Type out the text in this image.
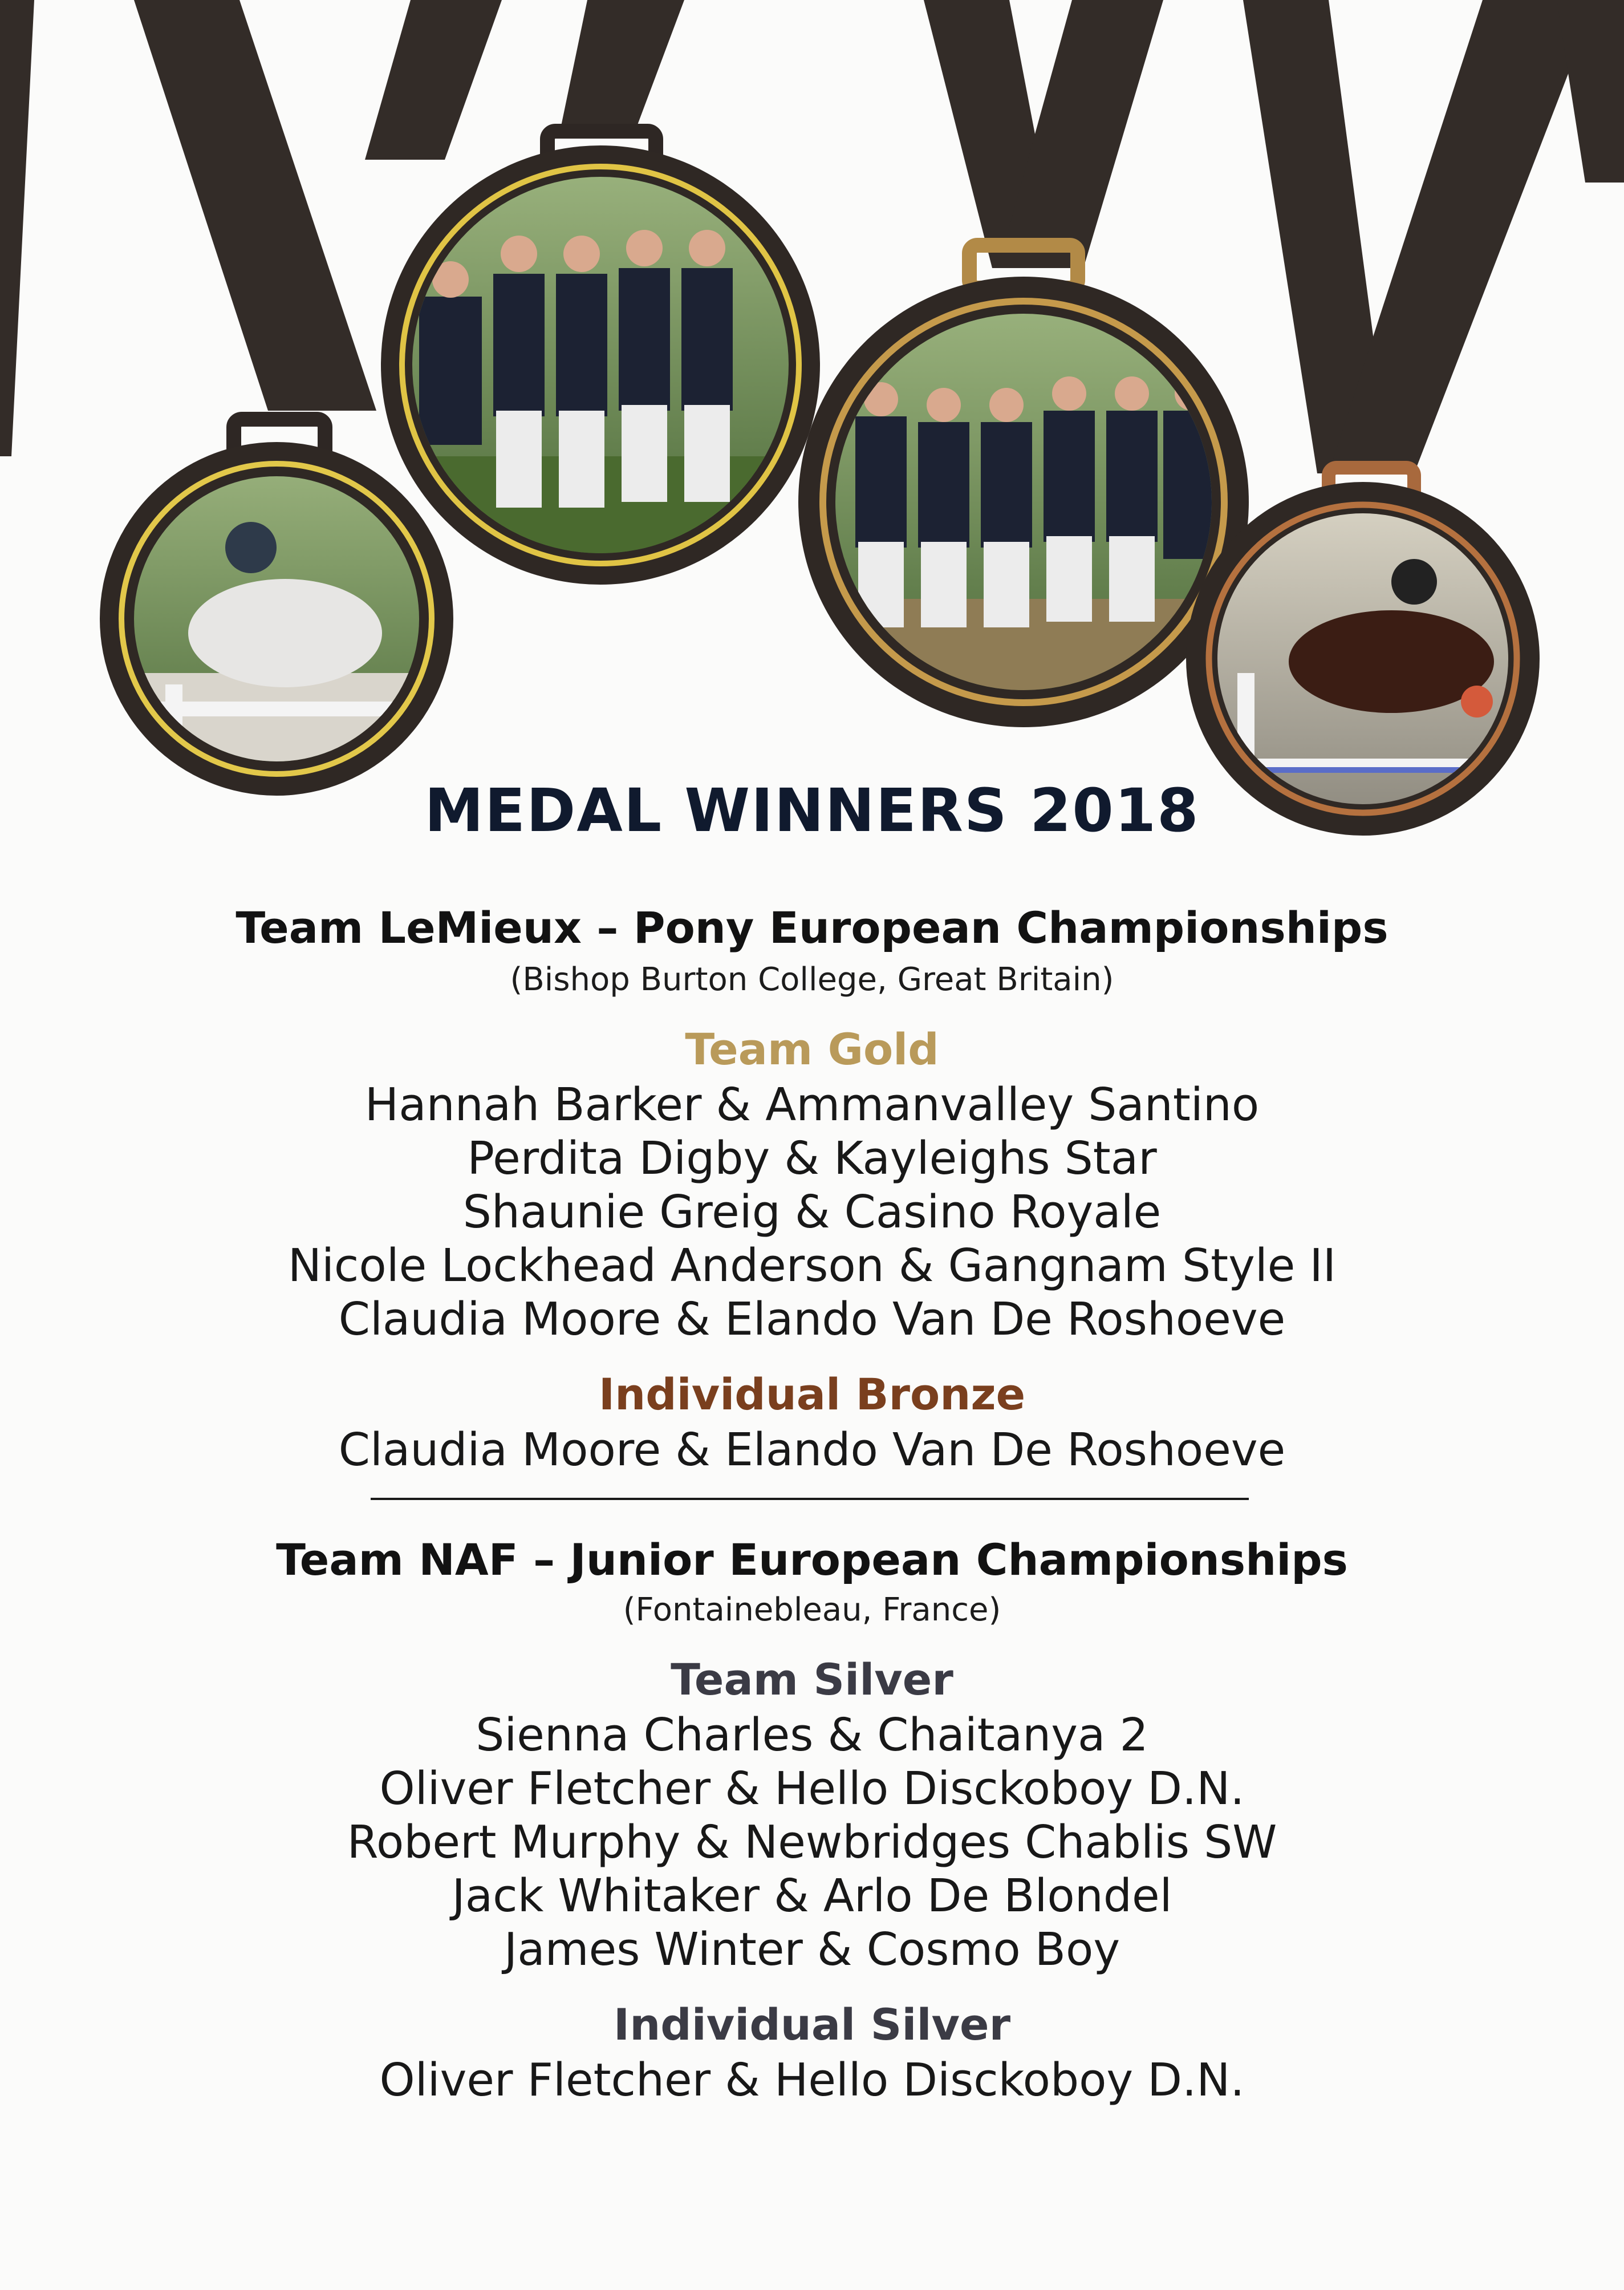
MEDAL WINNERS 2018
Team LeMieux – Pony European Championships
(Bishop Burton College, Great Britain)
Team Gold
Hannah Barker & Ammanvalley Santino
Perdita Digby & Kayleighs Star
Shaunie Greig & Casino Royale
Nicole Lockhead Anderson & Gangnam Style II
Claudia Moore & Elando Van De Roshoeve
Individual Bronze
Claudia Moore & Elando Van De Roshoeve
Team NAF – Junior European Championships
(Fontainebleau, France)
Team Silver
Sienna Charles & Chaitanya 2
Oliver Fletcher & Hello Disckoboy D.N.
Robert Murphy & Newbridges Chablis SW
Jack Whitaker & Arlo De Blondel
James Winter & Cosmo Boy
Individual Silver
Oliver Fletcher & Hello Disckoboy D.N.
